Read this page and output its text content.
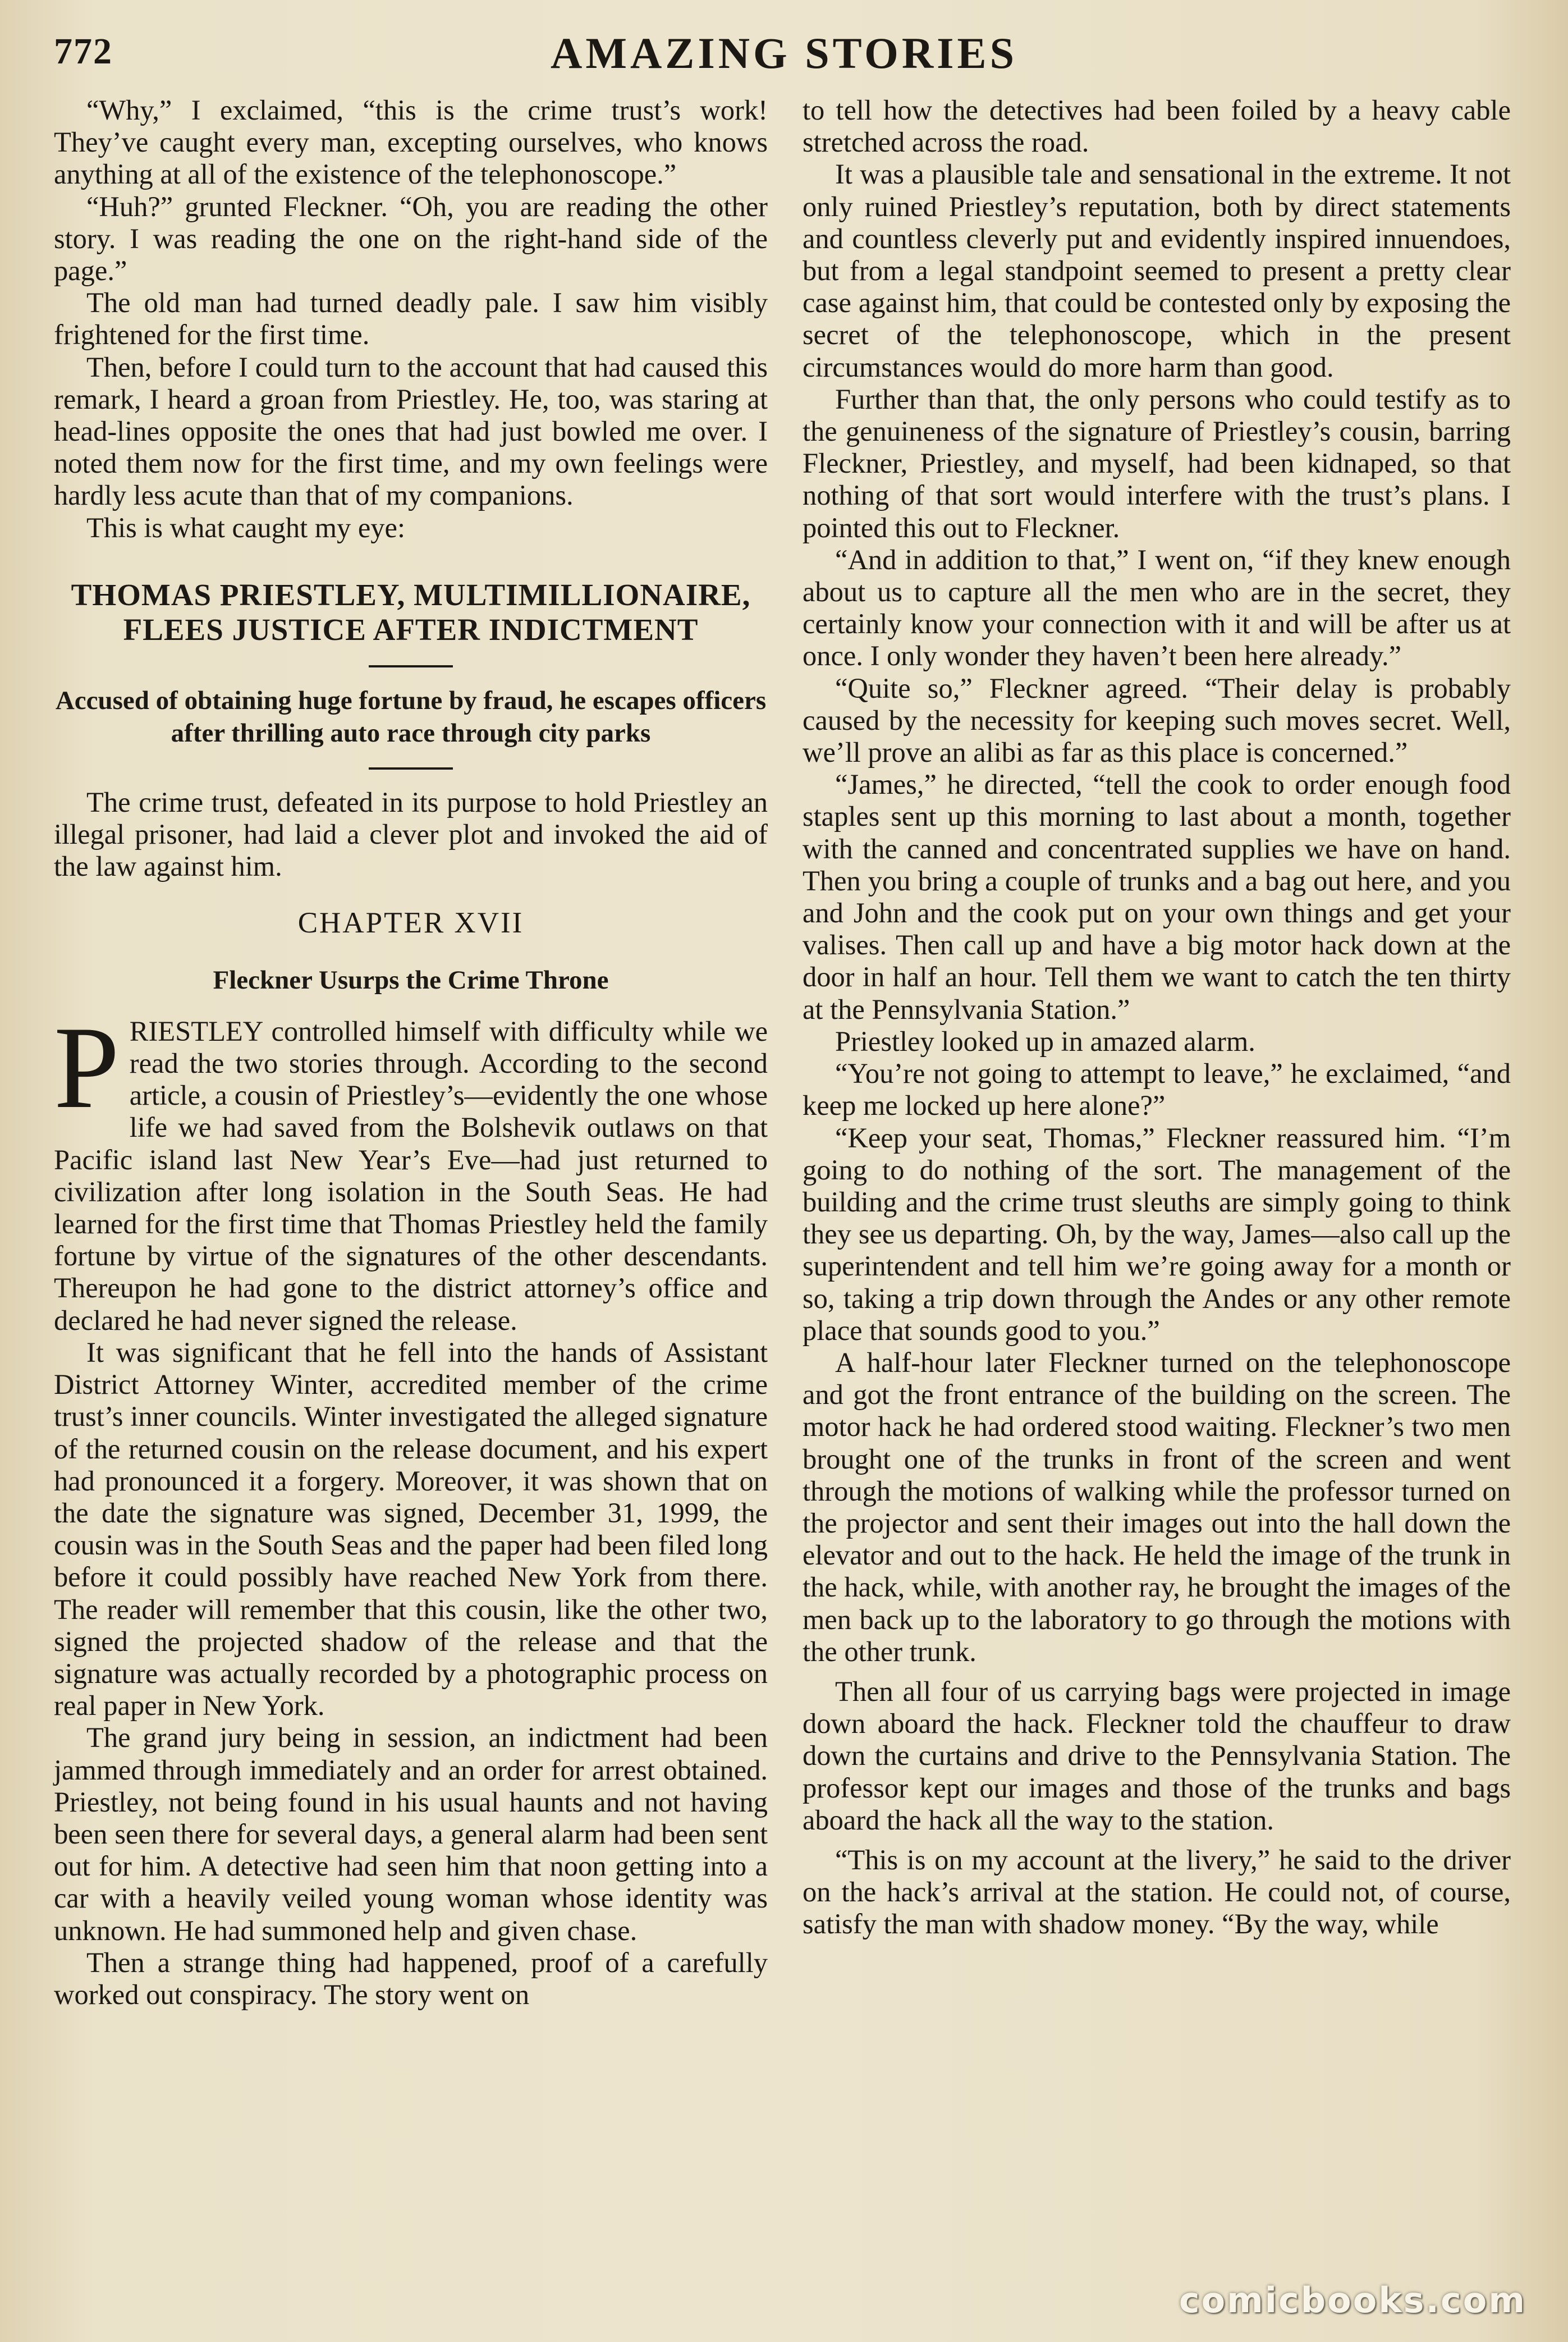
772	AMAZING STORIES

“Why,” I exclaimed, “this is the crime trust’s work! They’ve caught every man, excepting ourselves, who knows anything at all of the existence of the telephonoscope.”

“Huh?” grunted Fleckner. “Oh, you are reading the other story. I was reading the one on the right-hand side of the page.”

The old man had turned deadly pale. I saw him visibly frightened for the first time.

Then, before I could turn to the account that had caused this remark, I heard a groan from Priestley. He, too, was staring at head-lines opposite the ones that had just bowled me over. I noted them now for the first time, and my own feelings were hardly less acute than that of my companions.

This is what caught my eye:

THOMAS PRIESTLEY, MULTIMILLIONAIRE, FLEES JUSTICE AFTER INDICTMENT
Accused of obtaining huge fortune by fraud, he escapes officers after thrilling auto race through city parks

The crime trust, defeated in its purpose to hold Priestley an illegal prisoner, had laid a clever plot and invoked the aid of the law against him.

CHAPTER XVII
Fleckner Usurps the Crime Throne

PRIESTLEY controlled himself with difficulty while we read the two stories through. According to the second article, a cousin of Priestley’s—evidently the one whose life we had saved from the Bolshevik outlaws on that Pacific island last New Year’s Eve—had just returned to civilization after long isolation in the South Seas. He had learned for the first time that Thomas Priestley held the family fortune by virtue of the signatures of the other descendants. Thereupon he had gone to the district attorney’s office and declared he had never signed the release.

It was significant that he fell into the hands of Assistant District Attorney Winter, accredited member of the crime trust’s inner councils. Winter investigated the alleged signature of the returned cousin on the release document, and his expert had pronounced it a forgery. Moreover, it was shown that on the date the signature was signed, December 31, 1999, the cousin was in the South Seas and the paper had been filed long before it could possibly have reached New York from there. The reader will remember that this cousin, like the other two, signed the projected shadow of the release and that the signature was actually recorded by a photographic process on real paper in New York.

The grand jury being in session, an indictment had been jammed through immediately and an order for arrest obtained. Priestley, not being found in his usual haunts and not having been seen there for several days, a general alarm had been sent out for him. A detective had seen him that noon getting into a car with a heavily veiled young woman whose identity was unknown. He had summoned help and given chase.

Then a strange thing had happened, proof of a carefully worked out conspiracy. The story went on

to tell how the detectives had been foiled by a heavy cable stretched across the road.

It was a plausible tale and sensational in the extreme. It not only ruined Priestley’s reputation, both by direct statements and countless cleverly put and evidently inspired innuendoes, but from a legal standpoint seemed to present a pretty clear case against him, that could be contested only by exposing the secret of the telephonoscope, which in the present circumstances would do more harm than good.

Further than that, the only persons who could testify as to the genuineness of the signature of Priestley’s cousin, barring Fleckner, Priestley, and myself, had been kidnaped, so that nothing of that sort would interfere with the trust’s plans. I pointed this out to Fleckner.

“And in addition to that,” I went on, “if they knew enough about us to capture all the men who are in the secret, they certainly know your connection with it and will be after us at once. I only wonder they haven’t been here already.”

“Quite so,” Fleckner agreed. “Their delay is probably caused by the necessity for keeping such moves secret. Well, we’ll prove an alibi as far as this place is concerned.”

“James,” he directed, “tell the cook to order enough food staples sent up this morning to last about a month, together with the canned and concentrated supplies we have on hand. Then you bring a couple of trunks and a bag out here, and you and John and the cook put on your own things and get your valises. Then call up and have a big motor hack down at the door in half an hour. Tell them we want to catch the ten thirty at the Pennsylvania Station.”

Priestley looked up in amazed alarm.

“You’re not going to attempt to leave,” he exclaimed, “and keep me locked up here alone?”

“Keep your seat, Thomas,” Fleckner reassured him. “I’m going to do nothing of the sort. The management of the building and the crime trust sleuths are simply going to think they see us departing. Oh, by the way, James—also call up the superintendent and tell him we’re going away for a month or so, taking a trip down through the Andes or any other remote place that sounds good to you.”

A half-hour later Fleckner turned on the telephonoscope and got the front entrance of the building on the screen. The motor hack he had ordered stood waiting. Fleckner’s two men brought one of the trunks in front of the screen and went through the motions of walking while the professor turned on the projector and sent their images out into the hall down the elevator and out to the hack. He held the image of the trunk in the hack, while, with another ray, he brought the images of the men back up to the laboratory to go through the motions with the other trunk.

Then all four of us carrying bags were projected in image down aboard the hack. Fleckner told the chauffeur to draw down the curtains and drive to the Pennsylvania Station. The professor kept our images and those of the trunks and bags aboard the hack all the way to the station.

“This is on my account at the livery,” he said to the driver on the hack’s arrival at the station. He could not, of course, satisfy the man with shadow money. “By the way, while

comicbooks.com
